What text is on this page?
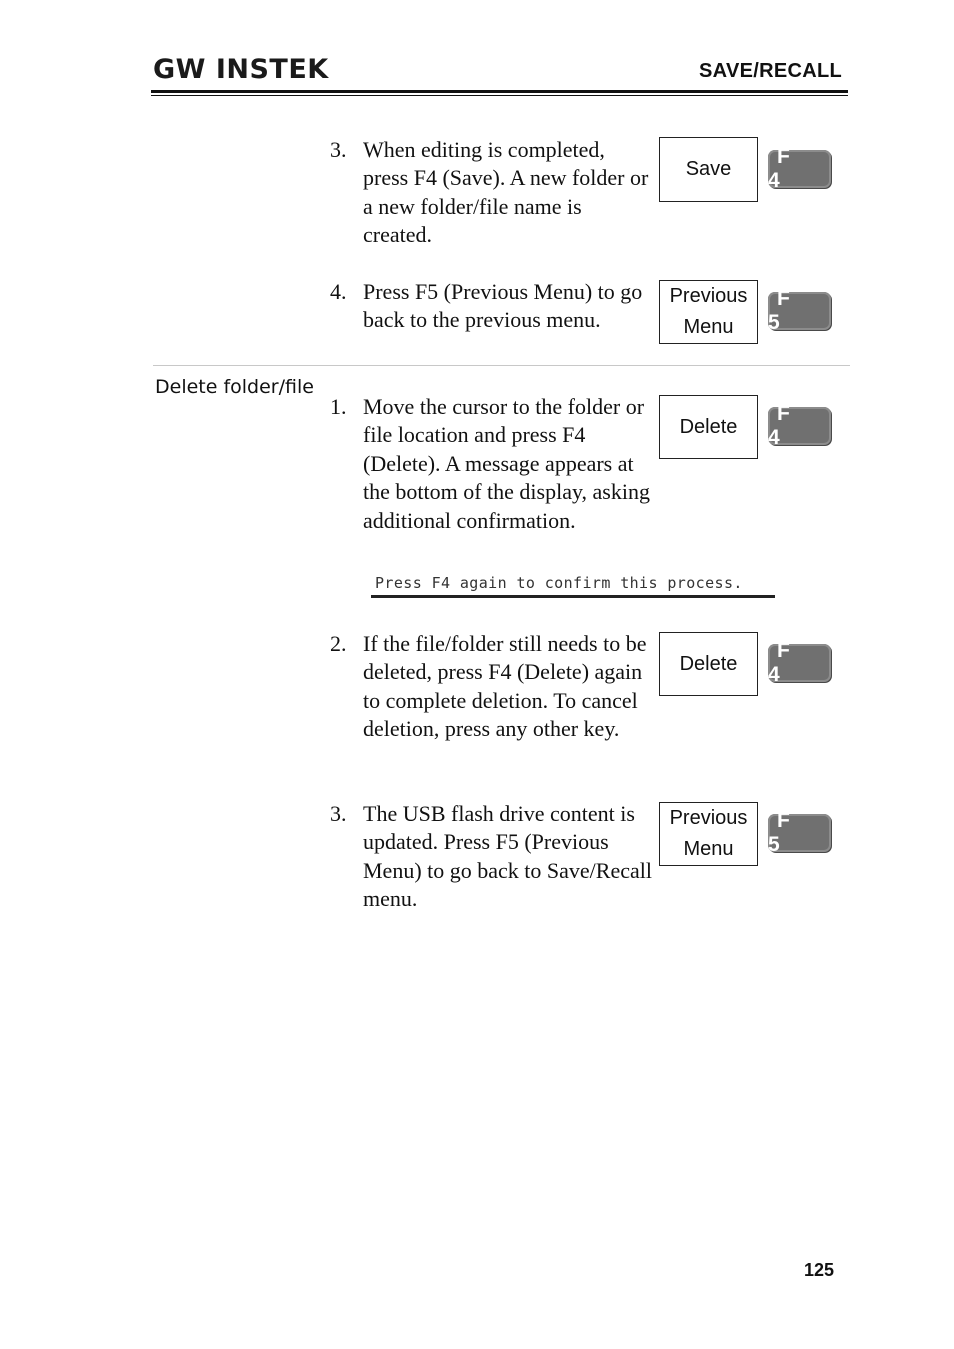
GW INSTEK	SAVE/RECALL
3. When editing is completed, press F4 (Save). A new folder or a new folder/file name is created.
Save
F 4
4. Press F5 (Previous Menu) to go back to the previous menu.
Previous
Menu
F 5
Delete folder/file
1. Move the cursor to the folder or file location and press F4 (Delete). A message appears at the bottom of the display, asking additional confirmation.
Delete
F 4
Press F4 again to confirm this process.
2. If the file/folder still needs to be deleted, press F4 (Delete) again to complete deletion. To cancel deletion, press any other key.
Delete
F 4
3. The USB flash drive content is updated. Press F5 (Previous Menu) to go back to Save/Recall menu.
Previous
Menu
F 5
125
